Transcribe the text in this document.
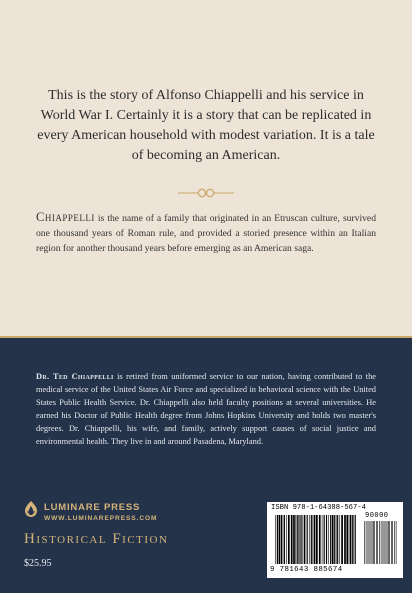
This is the story of Alfonso Chiappelli and his service in World War I. Certainly it is a story that can be replicated in every American household with modest variation. It is a tale of becoming an American.

Chiappelli is the name of a family that originated in an Etruscan culture, survived one thousand years of Roman rule, and provided a storied presence within an Italian region for another thousand years before emerging as an American saga.

Dr. Ted Chiappelli is retired from uniformed service to our nation, having contributed to the medical service of the United States Air Force and specialized in behavioral science with the United States Public Health Service. Dr. Chiappelli also held faculty positions at several universities. He earned his Doctor of Public Health degree from Johns Hopkins University and holds two master's degrees. Dr. Chiappelli, his wife, and family, actively support causes of social justice and environmental health. They live in and around Pasadena, Maryland.

LUMINARE PRESS

WWW.LUMINAREPRESS.COM

Historical Fiction

$25.95

ISBN 978-1-64388-567-4

90000

9 781643 885674
